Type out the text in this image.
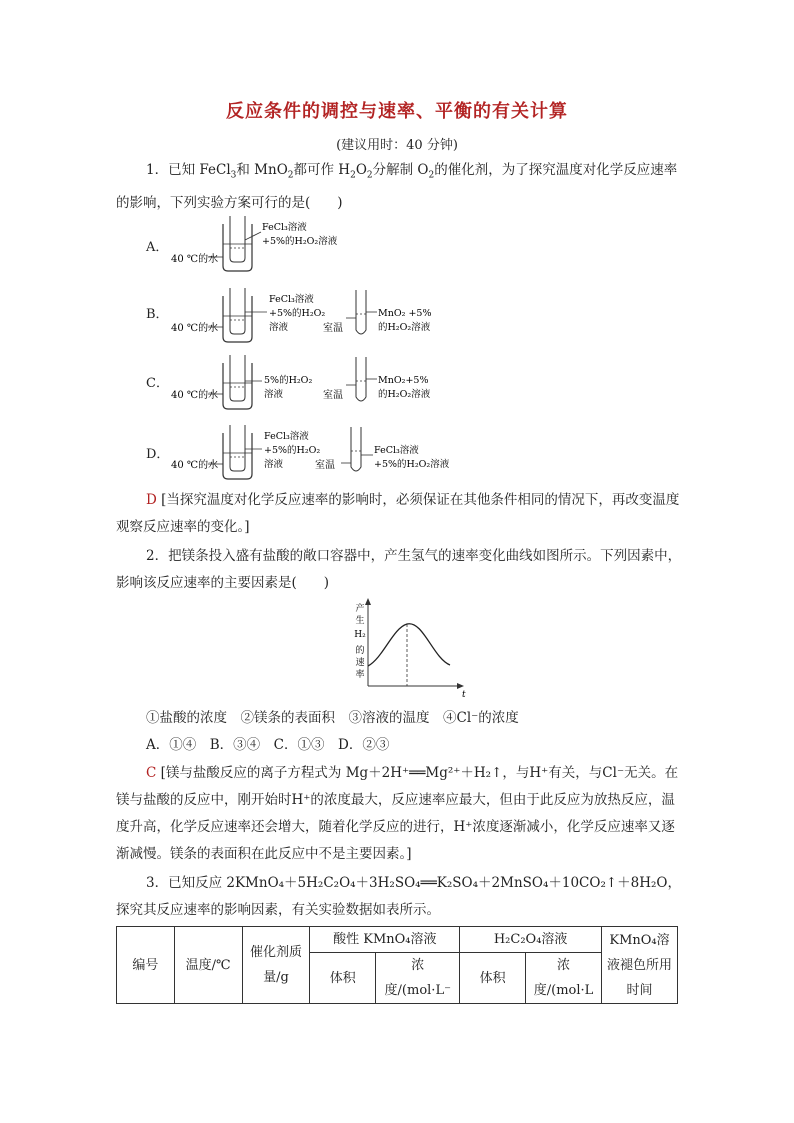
反应条件的调控与速率、平衡的有关计算
(建议用时：40 分钟)
1．已知 FeCl$_3$和 MnO$_2$都可作 $H_2O_2$分解制 $O_2$的催化剂，为了探究温度对化学反应速率的影响，下列实验方案可行的是(　　)
A．
40 ℃的水
FeCl₃溶液
+5%的H₂O₂溶液
B．
40 ℃的水
FeCl₃溶液
+5%的H₂O₂
溶液	室温
MnO₂ +5%
的H₂O₂溶液
C．
40 ℃的水
5%的H₂O₂
溶液	室温
MnO₂+5%
的H₂O₂溶液
D．
40 ℃的水
FeCl₃溶液
+5%的H₂O₂
溶液	室温
FeCl₃溶液
+5%的H₂O₂溶液
D [当探究温度对化学反应速率的影响时，必须保证在其他条件相同的情况下，再改变温度观察反应速率的变化。]
2．把镁条投入盛有盐酸的敞口容器中，产生氢气的速率变化曲线如图所示。下列因素中，影响该反应速率的主要因素是(　　)
产
生
H₂
的
速
率
t
①盐酸的浓度　②镁条的表面积　③溶液的温度　④Cl⁻的浓度
A．①④　B．③④　C．①③　D．②③
C [镁与盐酸反应的离子方程式为 Mg＋2H⁺══Mg²⁺＋H₂↑，与H⁺有关，与Cl⁻无关。在镁与盐酸的反应中，刚开始时H⁺的浓度最大，反应速率应最大，但由于此反应为放热反应，温度升高，化学反应速率还会增大，随着化学反应的进行，H⁺浓度逐渐减小，化学反应速率又逐渐减慢。镁条的表面积在此反应中不是主要因素。]
3．已知反应 2KMnO₄＋5H₂C₂O₄＋3H₂SO₄══K₂SO₄＋2MnSO₄＋10CO₂↑＋8H₂O，探究其反应速率的影响因素，有关实验数据如表所示。
编号	温度/℃	催化剂质量/g	酸性 KMnO₄溶液		H₂C₂O₄溶液		KMnO₄溶液褪色所用时间
			体积	浓度/(mol·L⁻	体积	浓度/(mol·L	
